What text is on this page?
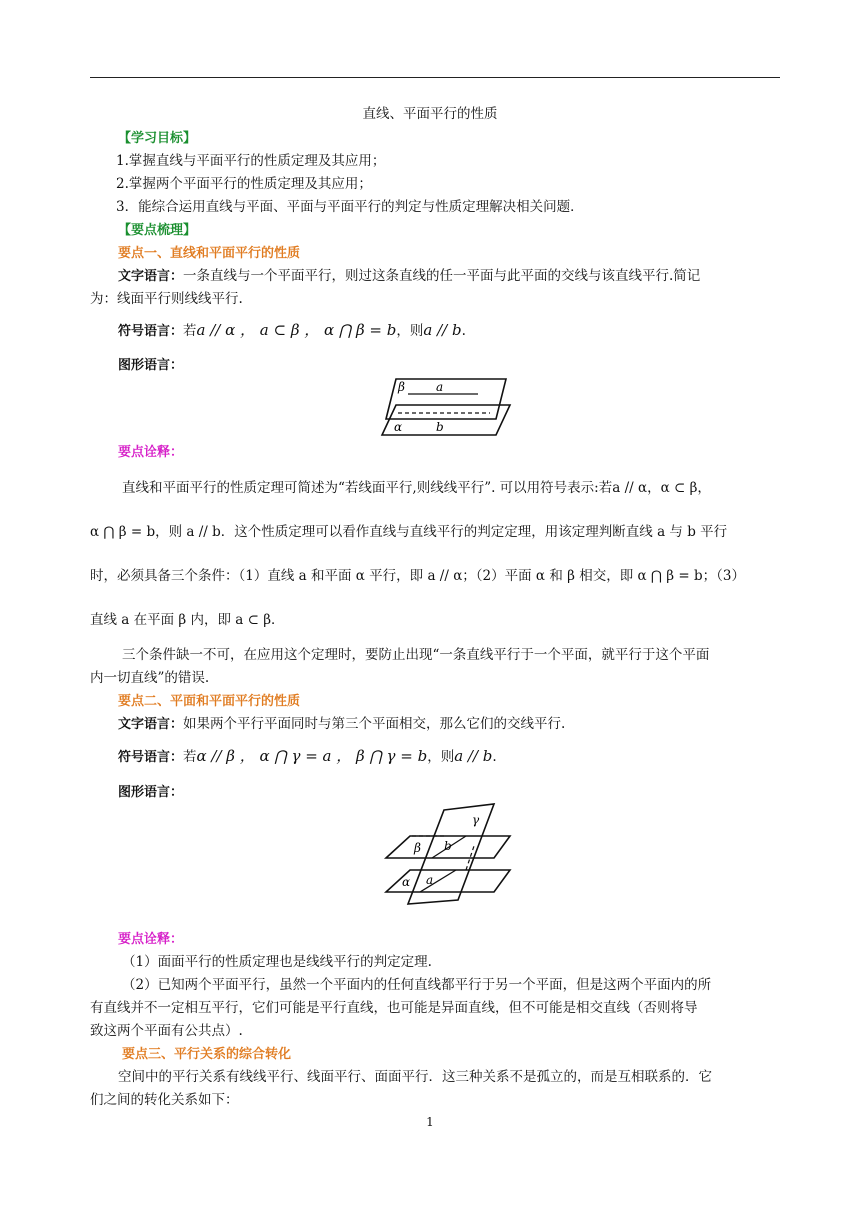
直线、平面平行的性质
【学习目标】
1.掌握直线与平面平行的性质定理及其应用；
2.掌握两个平面平行的性质定理及其应用；
3．能综合运用直线与平面、平面与平面平行的判定与性质定理解决相关问题．
【要点梳理】
要点一、直线和平面平行的性质
文字语言：一条直线与一个平面平行，则过这条直线的任一平面与此平面的交线与该直线平行.简记
为：线面平行则线线平行.
符号语言：若a // α ， a ⊂ β ， α ⋂ β = b，则a // b.
图形语言：
β	a
α	b
要点诠释：
直线和平面平行的性质定理可简述为“若线面平行,则线线平行”. 可以用符号表示:若a // α，α ⊂ β，
α ⋂ β = b，则 a // b．这个性质定理可以看作直线与直线平行的判定定理，用该定理判断直线 a 与 b 平行
时，必须具备三个条件：（1）直线 a 和平面 α 平行，即 a // α；（2）平面 α 和 β 相交，即 α ⋂ β = b；（3）
直线 a 在平面 β 内，即 a ⊂ β．
三个条件缺一不可，在应用这个定理时，要防止出现“一条直线平行于一个平面，就平行于这个平面
内一切直线”的错误.
要点二、平面和平面平行的性质
文字语言：如果两个平行平面同时与第三个平面相交，那么它们的交线平行.
符号语言：若α // β ， α ⋂ γ = a ， β ⋂ γ = b，则a // b.
图形语言：
γ
β b
α a
要点诠释：
（1）面面平行的性质定理也是线线平行的判定定理.
（2）已知两个平面平行，虽然一个平面内的任何直线都平行于另一个平面，但是这两个平面内的所
有直线并不一定相互平行，它们可能是平行直线，也可能是异面直线，但不可能是相交直线（否则将导
致这两个平面有公共点）.
要点三、平行关系的综合转化
空间中的平行关系有线线平行、线面平行、面面平行．这三种关系不是孤立的，而是互相联系的．它
们之间的转化关系如下：
1
